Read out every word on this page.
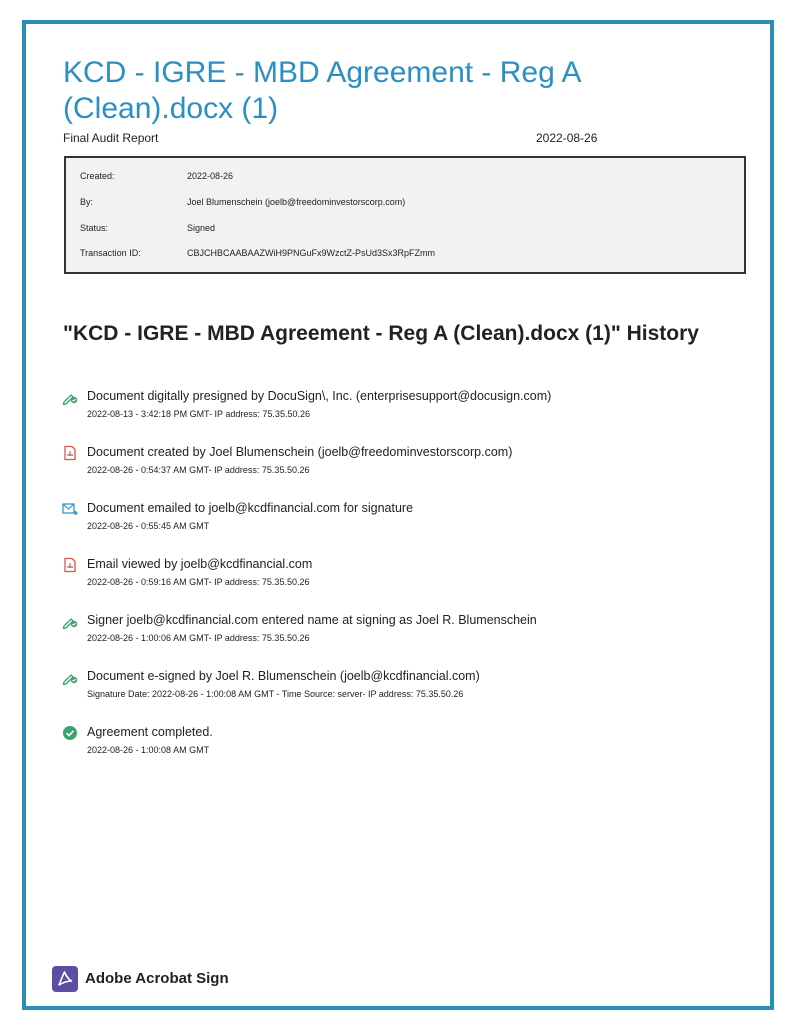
KCD - IGRE - MBD Agreement - Reg A (Clean).docx (1)
Final Audit Report	2022-08-26
Created:	2022-08-26
By:	Joel Blumenschein (joelb@freedominvestorscorp.com)
Status:	Signed
Transaction ID:	CBJCHBCAABAAZWiH9PNGuFx9WzctZ-PsUd3Sx3RpFZmm
"KCD - IGRE - MBD Agreement - Reg A (Clean).docx (1)" History
Document digitally presigned by DocuSign\, Inc. (enterprisesupport@docusign.com)
2022-08-13 - 3:42:18 PM GMT- IP address: 75.35.50.26
Document created by Joel Blumenschein (joelb@freedominvestorscorp.com)
2022-08-26 - 0:54:37 AM GMT- IP address: 75.35.50.26
Document emailed to joelb@kcdfinancial.com for signature
2022-08-26 - 0:55:45 AM GMT
Email viewed by joelb@kcdfinancial.com
2022-08-26 - 0:59:16 AM GMT- IP address: 75.35.50.26
Signer joelb@kcdfinancial.com entered name at signing as Joel R. Blumenschein
2022-08-26 - 1:00:06 AM GMT- IP address: 75.35.50.26
Document e-signed by Joel R. Blumenschein (joelb@kcdfinancial.com)
Signature Date: 2022-08-26 - 1:00:08 AM GMT - Time Source: server- IP address: 75.35.50.26
Agreement completed.
2022-08-26 - 1:00:08 AM GMT
Adobe Acrobat Sign
